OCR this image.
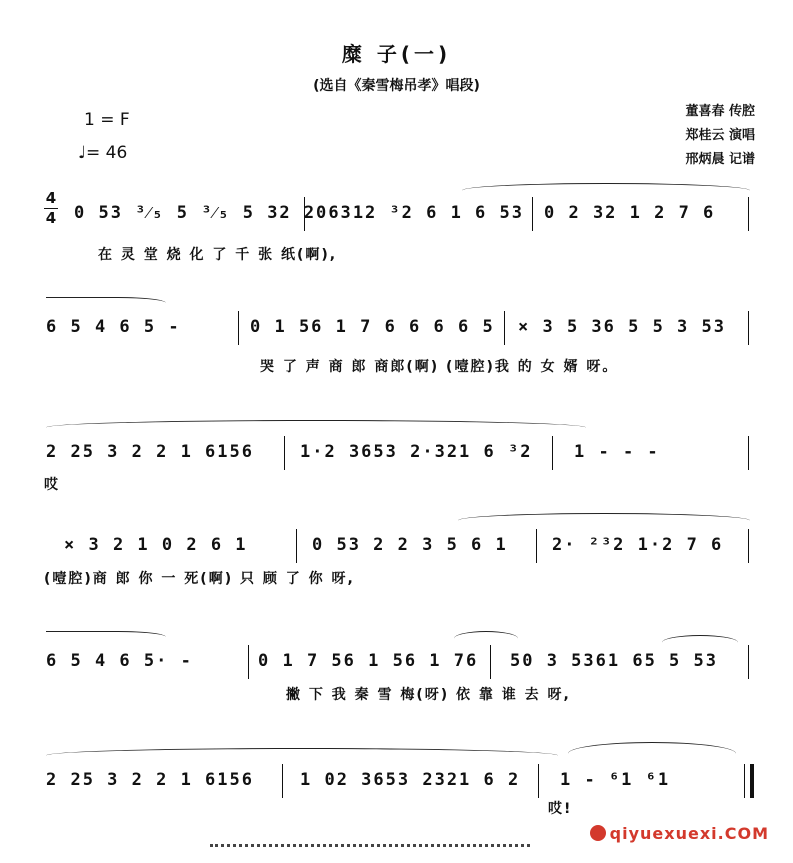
糜 子(一)
(选自《秦雪梅吊孝》唱段)
1 = F
♩= 46
董喜春 传腔
郑桂云 演唱
邢炳晨 记谱
4
4 0 53 ³⁄₅ 5 ³⁄₅ 5 32 2 6 1
0 3 2 ³2 6 1 6 53 0 2 32 1 2 7 6
在 灵 堂 烧 化 了 千 张 纸(啊),
6 5 4 6 5 -	0 1 56 1 7 6 6 6 6 5 × 3 5 36 5 5 3 53
哭 了 声 商 郎 商郎(啊) (噎腔)我 的 女 婿 呀。
2 25 3 2 2 1 6156	1·2 3653 2·321 6 ³2 1 - - -
哎
× 3 2 1 0 2 6 1	0 53 2 2 3 5 6 1	2· ²³2 1·2 7 6
(噎腔)商 郎 你 一 死(啊) 只 顾 了 你 呀,
6 5 4 6 5· -	0 1 7 56 1 56 1 76 50 3 5361 65 5 53
撇 下 我 秦 雪 梅(呀) 依 靠 谁 去 呀,
2 25 3 2 2 1 6156	1 02 3653 2321 6 2 1 - ⁶1 ⁶1
哎!
qiyuexuexi.COM
